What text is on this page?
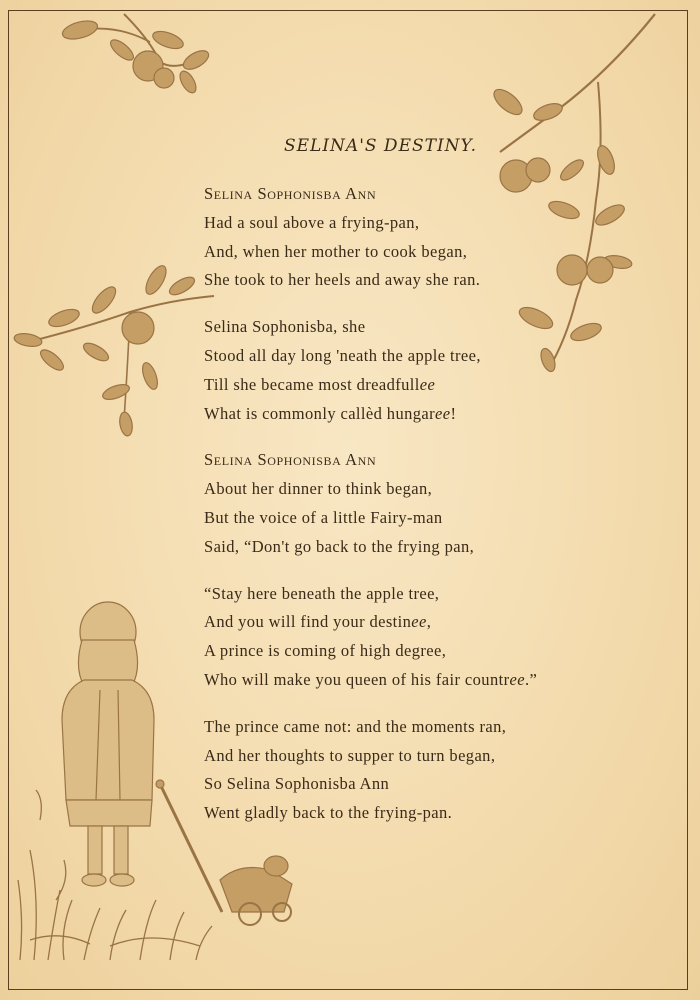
SELINA'S DESTINY.
Selina Sophonisba Ann
Had a soul above a frying-pan,
And, when her mother to cook began,
She took to her heels and away she ran.
Selina Sophonisba, she
Stood all day long 'neath the apple tree,
Till she became most dreadfullee
What is commonly callèd hungaree!
Selina Sophonisba Ann
About her dinner to think began,
But the voice of a little Fairy-man
Said, “Don't go back to the frying pan,
“Stay here beneath the apple tree,
And you will find your destinee,
A prince is coming of high degree,
Who will make you queen of his fair countree.”
The prince came not: and the moments ran,
And her thoughts to supper to turn began,
So Selina Sophonisba Ann
Went gladly back to the frying-pan.
